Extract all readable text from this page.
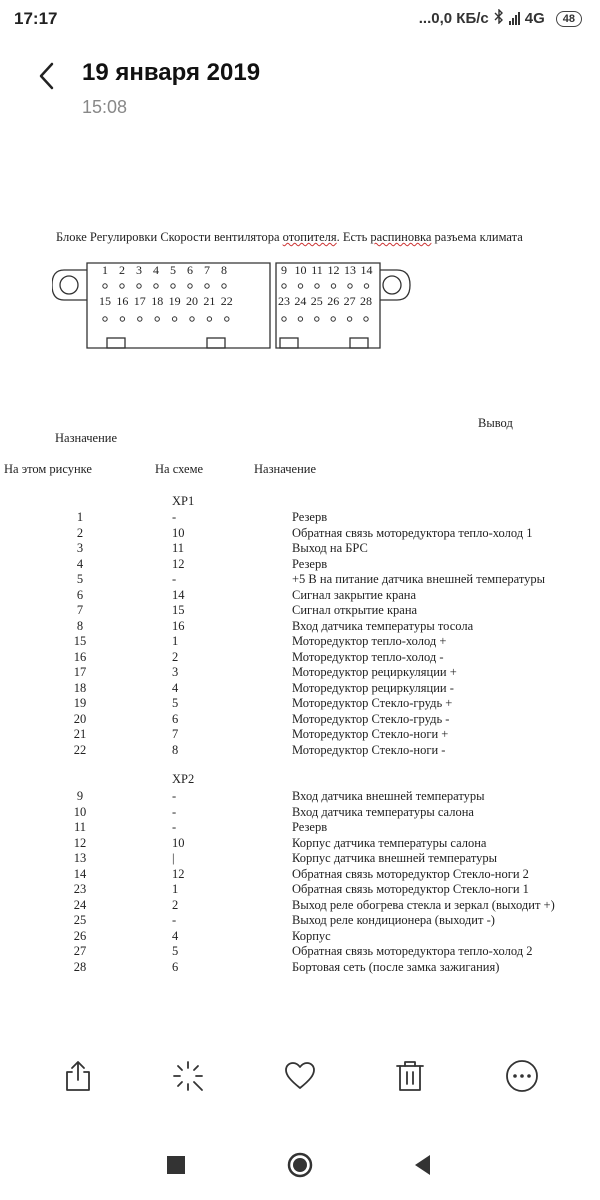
17:17	...0,0 КБ/с 4G	48
19 января 2019
15:08
Блоке Регулировки Скорости вентилятора отопителя. Есть распиновка разъема климата
1 2 3 4 5 6 7 8
15 16 17 18 19 20 21 22
9 10 11 12 13 14
23 24 25 26 27 28
Вывод
Назначение
На этом рисунке	На схеме	Назначение
XP1
1	-	Резерв
2	10	Обратная связь моторедуктора тепло-холод 1
3	11	Выход на БРС
4	12	Резерв
5	-	+5 В на питание датчика внешней температуры
6	14	Сигнал закрытие крана
7	15	Сигнал открытие крана
8	16	Вход датчика температуры тосола
15	1	Моторедуктор тепло-холод +
16	2	Моторедуктор тепло-холод -
17	3	Моторедуктор рециркуляции +
18	4	Моторедуктор рециркуляции -
19	5	Моторедуктор Стекло-грудь +
20	6	Моторедуктор Стекло-грудь -
21	7	Моторедуктор Стекло-ноги +
22	8	Моторедуктор Стекло-ноги -
XP2
9	-	Вход датчика внешней температуры
10	-	Вход датчика температуры салона
11	-	Резерв
12	10	Корпус датчика температуры салона
13	|	Корпус датчика внешней температуры
14	12	Обратная связь моторедуктор Стекло-ноги 2
23	1	Обратная связь моторедуктор Стекло-ноги 1
24	2	Выход реле обогрева стекла и зеркал (выходит +)
25	-	Выход реле кондиционера (выходит -)
26	4	Корпус
27	5	Обратная связь моторедуктора тепло-холод 2
28	6	Бортовая сеть (после замка зажигания)
